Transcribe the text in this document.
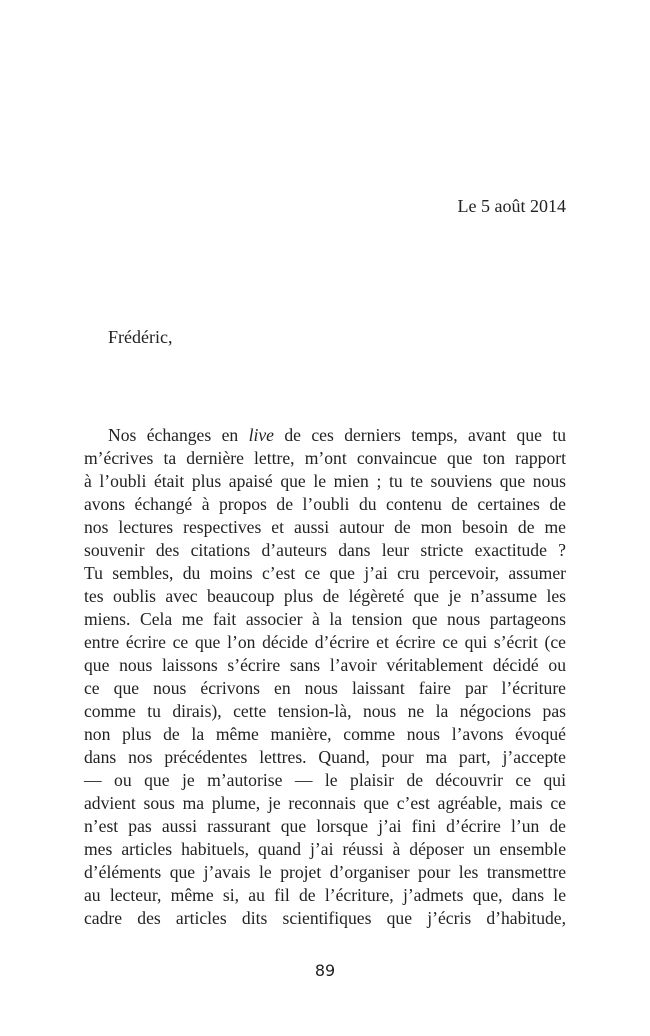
Le 5 août 2014
Frédéric,
Nos échanges en live de ces derniers temps, avant que tu
m’écrives ta dernière lettre, m’ont convaincue que ton rapport
à l’oubli était plus apaisé que le mien ; tu te souviens que nous
avons échangé à propos de l’oubli du contenu de certaines de
nos lectures respectives et aussi autour de mon besoin de me
souvenir des citations d’auteurs dans leur stricte exactitude ?
Tu sembles, du moins c’est ce que j’ai cru percevoir, assumer
tes oublis avec beaucoup plus de légèreté que je n’assume les
miens. Cela me fait associer à la tension que nous partageons
entre écrire ce que l’on décide d’écrire et écrire ce qui s’écrit (ce
que nous laissons s’écrire sans l’avoir véritablement décidé ou
ce que nous écrivons en nous laissant faire par l’écriture
comme tu dirais), cette tension-là, nous ne la négocions pas
non plus de la même manière, comme nous l’avons évoqué
dans nos précédentes lettres. Quand, pour ma part, j’accepte
— ou que je m’autorise — le plaisir de découvrir ce qui
advient sous ma plume, je reconnais que c’est agréable, mais ce
n’est pas aussi rassurant que lorsque j’ai fini d’écrire l’un de
mes articles habituels, quand j’ai réussi à déposer un ensemble
d’éléments que j’avais le projet d’organiser pour les transmettre
au lecteur, même si, au fil de l’écriture, j’admets que, dans le
cadre des articles dits scientifiques que j’écris d’habitude,
89
